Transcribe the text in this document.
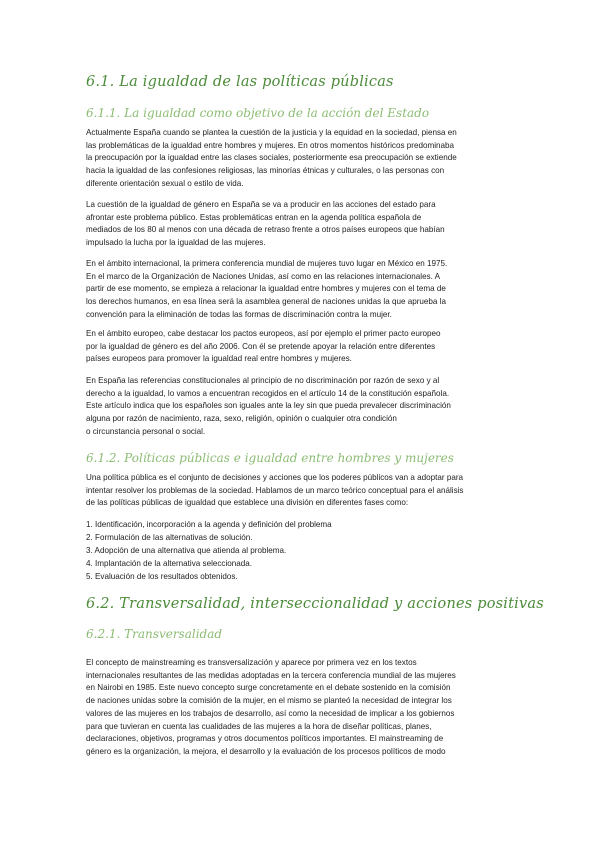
6.1. La igualdad de las políticas públicas
6.1.1. La igualdad como objetivo de la acción del Estado
Actualmente España cuando se plantea la cuestión de la justicia y la equidad en la sociedad, piensa en
las problemáticas de la igualdad entre hombres y mujeres. En otros momentos históricos predominaba
la preocupación por la igualdad entre las clases sociales, posteriormente esa preocupación se extiende
hacia la igualdad de las confesiones religiosas, las minorías étnicas y culturales, o las personas con
diferente orientación sexual o estilo de vida.
La cuestión de la igualdad de género en España se va a producir en las acciones del estado para
afrontar este problema público. Estas problemáticas entran en la agenda política española de
mediados de los 80 al menos con una década de retraso frente a otros países europeos que habían
impulsado la lucha por la igualdad de las mujeres.
En el ámbito internacional, la primera conferencia mundial de mujeres tuvo lugar en México en 1975.
En el marco de la Organización de Naciones Unidas, así como en las relaciones internacionales. A
partir de ese momento, se empieza a relacionar la igualdad entre hombres y mujeres con el tema de
los derechos humanos, en esa línea será la asamblea general de naciones unidas la que aprueba la
convención para la eliminación de todas las formas de discriminación contra la mujer.
En el ámbito europeo, cabe destacar los pactos europeos, así por ejemplo el primer pacto europeo
por la igualdad de género es del año 2006. Con él se pretende apoyar la relación entre diferentes
países europeos para promover la igualdad real entre hombres y mujeres.
En España las referencias constitucionales al principio de no discriminación por razón de sexo y al
derecho a la igualdad, lo vamos a encuentran recogidos en el artículo 14 de la constitución española.
Este artículo indica que los españoles son iguales ante la ley sin que pueda prevalecer discriminación
alguna por razón de nacimiento, raza, sexo, religión, opinión o cualquier otra condición
o circunstancia personal o social.
6.1.2. Políticas públicas e igualdad entre hombres y mujeres
Una política pública es el conjunto de decisiones y acciones que los poderes públicos van a adoptar para
intentar resolver los problemas de la sociedad. Hablamos de un marco teórico conceptual para el análisis
de las políticas públicas de igualdad que establece una división en diferentes fases como:
1. Identificación, incorporación a la agenda y definición del problema
2. Formulación de las alternativas de solución.
3. Adopción de una alternativa que atienda al problema.
4. Implantación de la alternativa seleccionada.
5. Evaluación de los resultados obtenidos.
6.2. Transversalidad, interseccionalidad y acciones positivas
6.2.1. Transversalidad
El concepto de mainstreaming es transversalización y aparece por primera vez en los textos
internacionales resultantes de las medidas adoptadas en la tercera conferencia mundial de las mujeres
en Nairobi en 1985. Este nuevo concepto surge concretamente en el debate sostenido en la comisión
de naciones unidas sobre la comisión de la mujer, en el mismo se planteó la necesidad de integrar los
valores de las mujeres en los trabajos de desarrollo, así como la necesidad de implicar a los gobiernos
para que tuvieran en cuenta las cualidades de las mujeres a la hora de diseñar políticas, planes,
declaraciones, objetivos, programas y otros documentos políticos importantes. El mainstreaming de
género es la organización, la mejora, el desarrollo y la evaluación de los procesos políticos de modo
